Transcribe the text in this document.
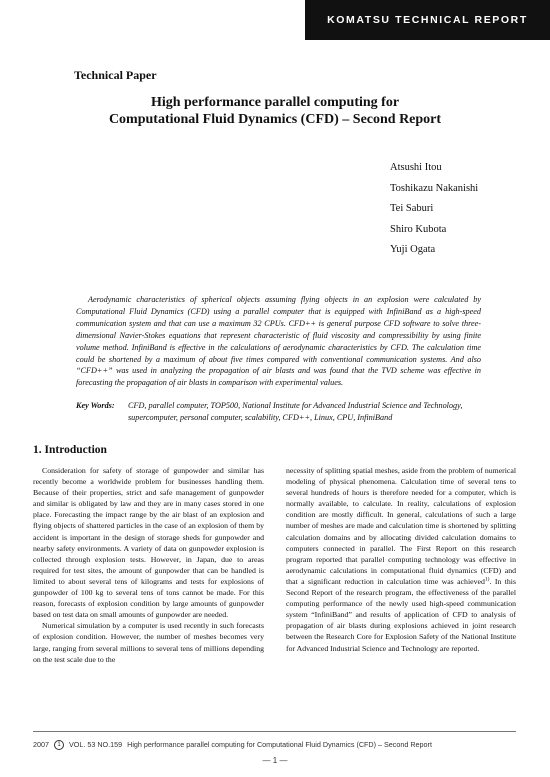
KOMATSU TECHNICAL REPORT
Technical Paper
High performance parallel computing for
Computational Fluid Dynamics (CFD) – Second Report
Atsushi Itou
Toshikazu Nakanishi
Tei Saburi
Shiro Kubota
Yuji Ogata
Aerodynamic characteristics of spherical objects assuming flying objects in an explosion were calculated by Computational Fluid Dynamics (CFD) using a parallel computer that is equipped with InfiniBand as a high-speed communication system and that can use a maximum 32 CPUs. CFD++ is general purpose CFD software to solve three-dimensional Navier-Stokes equations that represent characteristic of fluid viscosity and compressibility by using finite volume method. InfiniBand is effective in the calculations of aerodynamic characteristics by CFD. The calculation time could be shortened by a maximum of about five times compared with conventional communication systems. And also “CFD++” was used in analyzing the propagation of air blasts and was found that the TVD scheme was effective in forecasting the propagation of air blasts in comparison with experimental values.
Key Words:	CFD, parallel computer, TOP500, National Institute for Advanced Industrial Science and Technology, supercomputer, personal computer, scalability, CFD++, Linux, CPU, InfiniBand
1. Introduction

Consideration for safety of storage of gunpowder and similar has recently become a worldwide problem for businesses handling them. Because of their properties, strict and safe management of gunpowder and similar is obligated by law and they are in many cases stored in one place. Forecasting the impact range by the air blast of an explosion and flying objects of shattered particles in the case of an explosion of them by accident is important in the design of storage sheds for gunpowder and nearby safety environments. A variety of data on gunpowder explosion is collected through explosion tests. However, in Japan, due to areas required for test sites, the amount of gunpowder that can be handled is limited to about several tens of kilograms and tests for explosions of gunpowder of 100 kg to several tens of tons cannot be made. For this reason, forecasts of explosion condition by large amounts of gunpowder based on test data on small amounts of gunpowder are needed.

Numerical simulation by a computer is used recently in such forecasts of explosion condition. However, the number of meshes becomes very large, ranging from several millions to several tens of millions depending on the test scale due to the

necessity of splitting spatial meshes, aside from the problem of numerical modeling of physical phenomena. Calculation time of several tens to several hundreds of hours is therefore needed for a computer, which is normally available, to calculate. In reality, calculations of explosion condition are mostly difficult. In general, calculations of such a large number of meshes are made and calculation time is shortened by splitting calculation domains and by allocating divided calculation domains to computers connected in parallel. The First Report on this research program reported that parallel computing technology was effective in aerodynamic calculations in computational fluid dynamics (CFD) and that a significant reduction in calculation time was achieved$^{1)}$. In this Second Report of the research program, the effectiveness of the parallel computing performance of the newly used high-speed communication system “InfiniBand” and results of application of CFD to analysis of propagation of air blasts during explosions achieved in joint research between the Research Core for Explosion Safety of the National Institute for Advanced Industrial Science and Technology are reported.

2007 1 VOL. 53 NO.159 High performance parallel computing for Computational Fluid Dynamics (CFD) – Second Report
— 1 —
